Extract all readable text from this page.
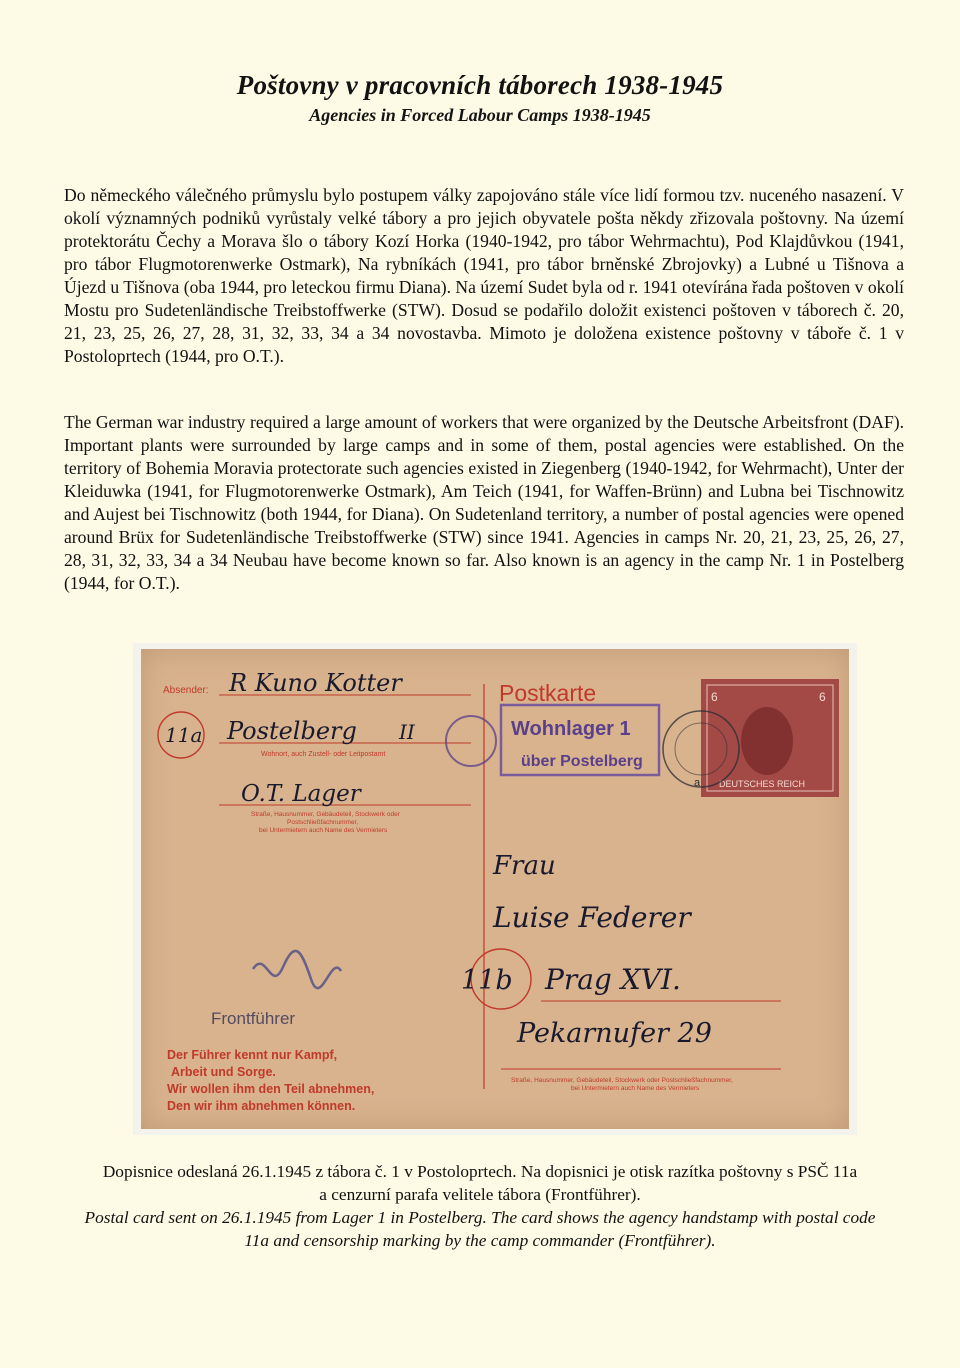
Poštovny v pracovních táborech 1938-1945
Agencies in Forced Labour Camps 1938-1945
Do německého válečného průmyslu bylo postupem války zapojováno stále více lidí formou tzv. nuceného nasazení. V okolí významných podniků vyrůstaly velké tábory a pro jejich obyvatele pošta někdy zřizovala poštovny. Na území protektorátu Čechy a Morava šlo o tábory Kozí Horka (1940-1942, pro tábor Wehrmachtu), Pod Klajdůvkou (1941, pro tábor Flugmotorenwerke Ostmark), Na rybníkách (1941, pro tábor brněnské Zbrojovky) a Lubné u Tišnova a Újezd u Tišnova (oba 1944, pro leteckou firmu Diana). Na území Sudet byla od r. 1941 otevírána řada poštoven v okolí Mostu pro Sudetenländische Treibstoffwerke (STW). Dosud se podařilo doložit existenci poštoven v táborech č. 20, 21, 23, 25, 26, 27, 28, 31, 32, 33, 34 a 34 novostavba. Mimoto je doložena existence poštovny v táboře č. 1 v Postoloprtech (1944, pro O.T.).
The German war industry required a large amount of workers that were organized by the Deutsche Arbeitsfront (DAF). Important plants were surrounded by large camps and in some of them, postal agencies were established. On the territory of Bohemia Moravia protectorate such agencies existed in Ziegenberg (1940-1942, for Wehrmacht), Unter der Kleiduwka (1941, for Flugmotorenwerke Ostmark), Am Teich (1941, for Waffen-Brünn) and Lubna bei Tischnowitz and Aujest bei Tischnowitz (both 1944, for Diana). On Sudetenland territory, a number of postal agencies were opened around Brüx for Sudetenländische Treibstoffwerke (STW) since 1941. Agencies in camps Nr. 20, 21, 23, 25, 26, 27, 28, 31, 32, 33, 34 a 34 Neubau have become known so far. Also known is an agency in the camp Nr. 1 in Postelberg (1944, for O.T.).
Absender: R Kuno Kotter
11a Postelberg II
Wohnort, auch Zustell- oder Leitpostamt
O.T. Lager
Straße, Hausnummer, Gebäudeteil, Stockwerk oder
Postschließfachnummer,
bei Untermietern auch Name des Vermieters
Postkarte
Wohnlager 1
über Postelberg
6	6
DEUTSCHES REICH
a
Frau
Luise Federer
11b Prag XVI.
Pekarnufer 29
Straße, Hausnummer, Gebäudeteil, Stockwerk oder Postschließfachnummer,
bei Untermietern auch Name des Vermieters
Frontführer
Der Führer kennt nur Kampf,
Arbeit und Sorge.
Wir wollen ihm den Teil abnehmen,
Den wir ihm abnehmen können.
Dopisnice odeslaná 26.1.1945 z tábora č. 1 v Postoloprtech. Na dopisnici je otisk razítka poštovny s PSČ 11a
a cenzurní parafa velitele tábora (Frontführer).
Postal card sent on 26.1.1945 from Lager 1 in Postelberg. The card shows the agency handstamp with postal code
11a and censorship marking by the camp commander (Frontführer).
